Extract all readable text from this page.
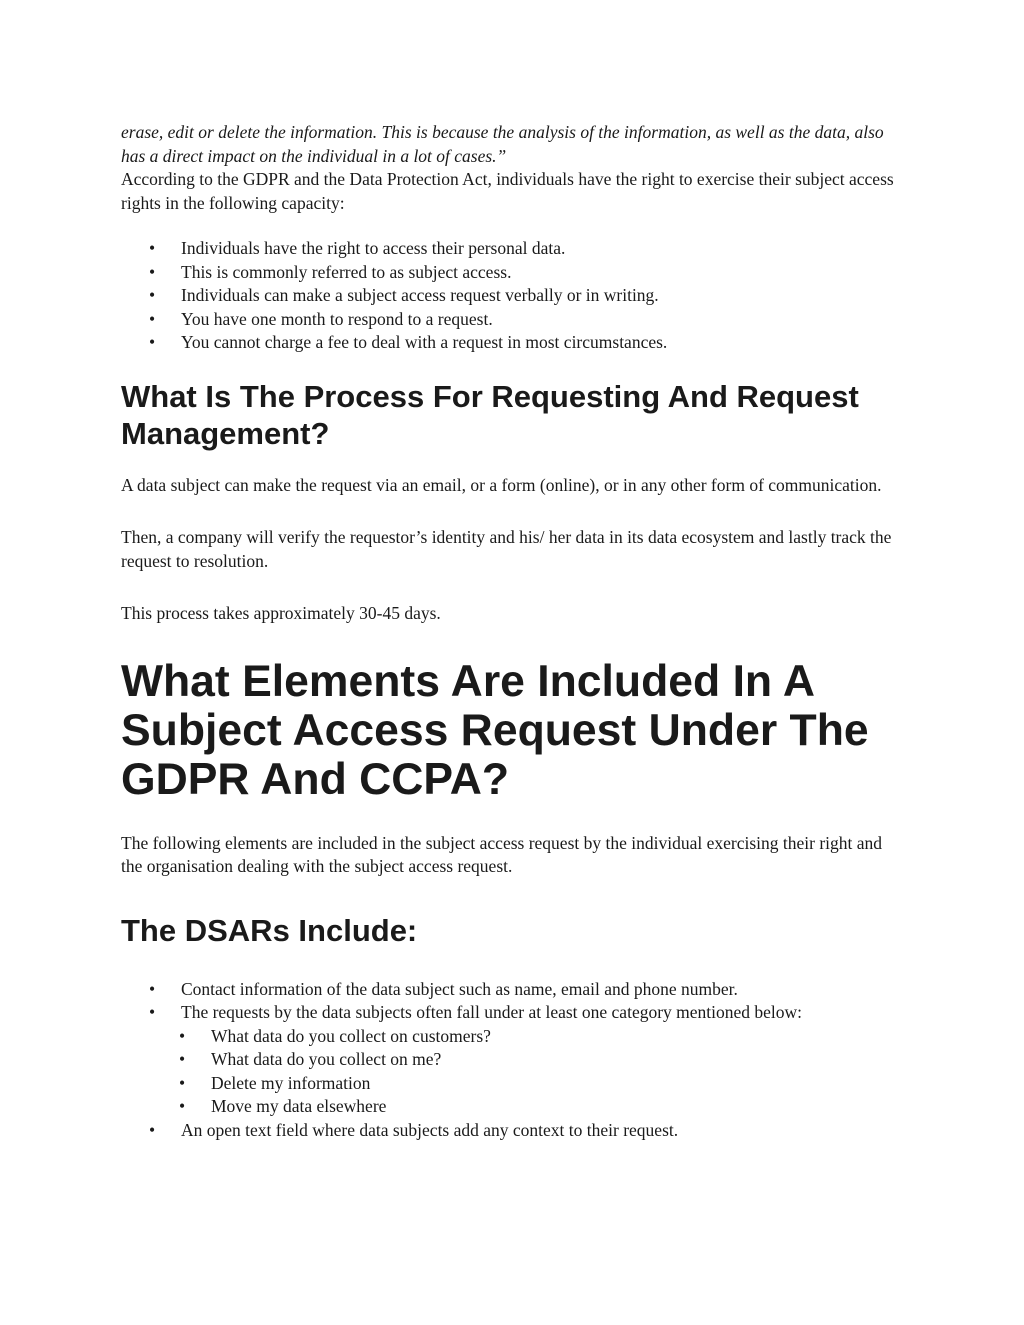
erase, edit or delete the information. This is because the analysis of the information, as well as the data, also has a direct impact on the individual in a lot of cases.”

According to the GDPR and the Data Protection Act, individuals have the right to exercise their subject access rights in the following capacity:

• Individuals have the right to access their personal data.
• This is commonly referred to as subject access.
• Individuals can make a subject access request verbally or in writing.
• You have one month to respond to a request.
• You cannot charge a fee to deal with a request in most circumstances.
What Is The Process For Requesting And Request Management?

A data subject can make the request via an email, or a form (online), or in any other form of communication.

Then, a company will verify the requestor’s identity and his/ her data in its data ecosystem and lastly track the request to resolution.

This process takes approximately 30-45 days.

What Elements Are Included In A Subject Access Request Under The GDPR And CCPA?

The following elements are included in the subject access request by the individual exercising their right and the organisation dealing with the subject access request.

The DSARs Include:
• Contact information of the data subject such as name, email and phone number.
• The requests by the data subjects often fall under at least one category mentioned below:
• What data do you collect on customers?
• What data do you collect on me?
• Delete my information
• Move my data elsewhere
• An open text field where data subjects add any context to their request.
